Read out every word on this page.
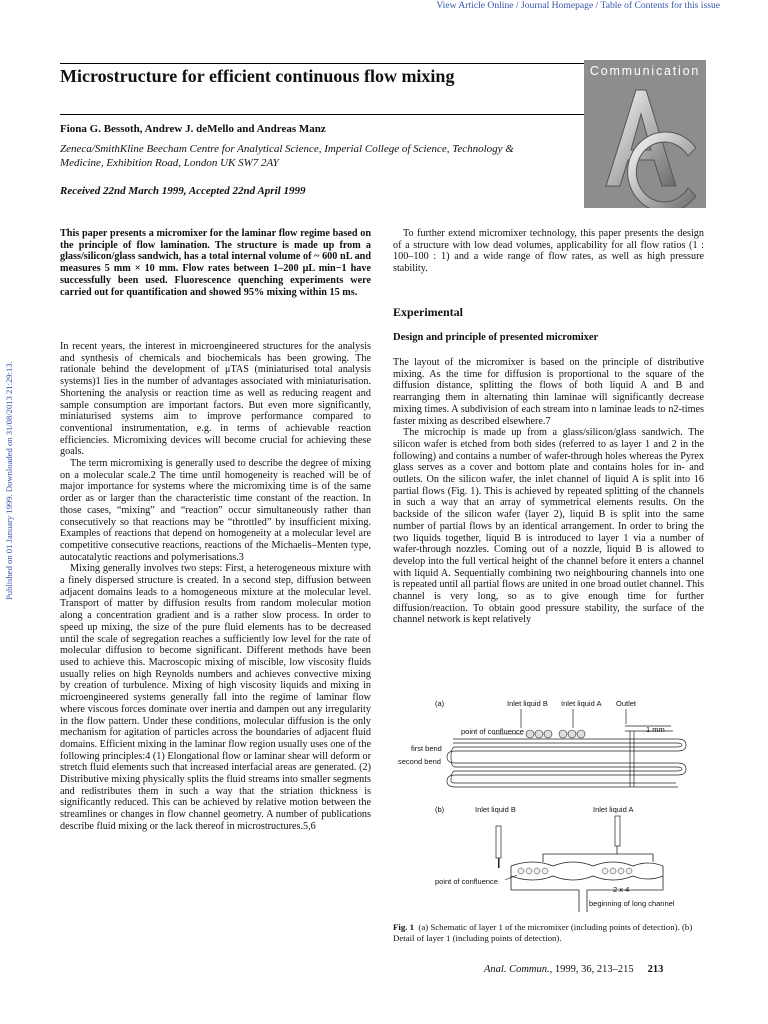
View Article Online / Journal Homepage / Table of Contents for this issue
Published on 01 January 1999. Downloaded on 31/08/2013 21:29:13.
Communication
Microstructure for efficient continuous flow mixing
Fiona G. Bessoth, Andrew J. deMello and Andreas Manz
Zeneca/SmithKline Beecham Centre for Analytical Science, Imperial College of Science, Technology & Medicine, Exhibition Road, London UK SW7 2AY
Received 22nd March 1999, Accepted 22nd April 1999

This paper presents a micromixer for the laminar flow regime based on the principle of flow lamination. The structure is made up from a glass/silicon/glass sandwich, has a total internal volume of ~ 600 nL and measures 5 mm × 10 mm. Flow rates between 1–200 μL min−1 have successfully been used. Fluorescence quenching experiments were carried out for quantification and showed 95% mixing within 15 ms.

In recent years, the interest in microengineered structures for the analysis and synthesis of chemicals and biochemicals has been growing. The rationale behind the development of μTAS (miniaturised total analysis systems)1 lies in the number of advantages associated with miniaturisation. Shortening the analysis or reaction time as well as reducing reagent and sample consumption are important factors. But even more significantly, miniaturised systems aim to improve performance compared to conventional instrumentation, e.g. in terms of achievable reaction efficiencies. Micromixing devices will become crucial for achieving these goals.

The term micromixing is generally used to describe the degree of mixing on a molecular scale.2 The time until homogeneity is reached will be of major importance for systems where the micromixing time is of the same order as or larger than the characteristic time constant of the reaction. In those cases, “mixing” and “reaction” occur simultaneously rather than consecutively so that reactions may be “throttled” by insufficient mixing. Examples of reactions that depend on homogeneity at a molecular level are competitive consecutive reactions, reactions of the Michaelis–Menten type, autocatalytic reactions and polymerisations.3

Mixing generally involves two steps: First, a heterogeneous mixture with a finely dispersed structure is created. In a second step, diffusion between adjacent domains leads to a homogeneous mixture at the molecular level. Transport of matter by diffusion results from random molecular motion along a concentration gradient and is a rather slow process. In order to speed up mixing, the size of the pure fluid elements has to be decreased until the scale of segregation reaches a sufficiently low level for the rate of molecular diffusion to become significant. Different methods have been used to achieve this. Macroscopic mixing of miscible, low viscosity fluids usually relies on high Reynolds numbers and achieves convective mixing by creation of turbulence. Mixing of high viscosity liquids and mixing in microengineered systems generally fall into the regime of laminar flow where viscous forces dominate over inertia and dampen out any irregularity in the flow pattern. Under these conditions, molecular diffusion is the only mechanism for agitation of particles across the boundaries of adjacent fluid domains. Efficient mixing in the laminar flow region usually uses one of the following principles:4 (1) Elongational flow or laminar shear will deform or stretch fluid elements such that increased interfacial areas are generated. (2) Distributive mixing physically splits the fluid streams into smaller segments and redistributes them in such a way that the striation thickness is significantly reduced. This can be achieved by relative motion between the streamlines or changes in flow channel geometry. A number of publications describe fluid mixing or the lack thereof in microstructures.5,6

To further extend micromixer technology, this paper presents the design of a structure with low dead volumes, applicability for all flow ratios (1 : 100–100 : 1) and a wide range of flow rates, as well as high pressure stability.

Experimental
Design and principle of presented micromixer

The layout of the micromixer is based on the principle of distributive mixing. As the time for diffusion is proportional to the square of the diffusion distance, splitting the flows of both liquid A and B and rearranging them in alternating thin laminae will significantly decrease mixing times. A subdivision of each stream into n laminae leads to n2-times faster mixing as described elsewhere.7

The microchip is made up from a glass/silicon/glass sandwich. The silicon wafer is etched from both sides (referred to as layer 1 and 2 in the following) and contains a number of wafer-through holes whereas the Pyrex glass serves as a cover and bottom plate and contains holes for in- and outlets. On the silicon wafer, the inlet channel of liquid A is split into 16 partial flows (Fig. 1). This is achieved by repeated splitting of the channels in such a way that an array of symmetrical elements results. On the backside of the silicon wafer (layer 2), liquid B is split into the same number of partial flows by an identical arrangement. In order to bring the two liquids together, liquid B is introduced to layer 1 via a number of wafer-through nozzles. Coming out of a nozzle, liquid B is allowed to develop into the full vertical height of the channel before it enters a channel with liquid A. Sequentially combining two neighbouring channels into one is repeated until all partial flows are united in one broad outlet channel. This channel is very long, so as to give enough time for further diffusion/reaction. To obtain good pressure stability, the surface of the channel network is kept relatively

(a)	Inlet liquid B Inlet liquid A Outlet
point of confluence	1 mm
first bend
second bend
(b)	Inlet liquid B	Inlet liquid A
point of confluence
2 x 4
beginning of long channel
Fig. 1 (a) Schematic of layer 1 of the micromixer (including points of detection). (b) Detail of layer 1 (including points of detection).
Anal. Commun., 1999, 36, 213–215 213
